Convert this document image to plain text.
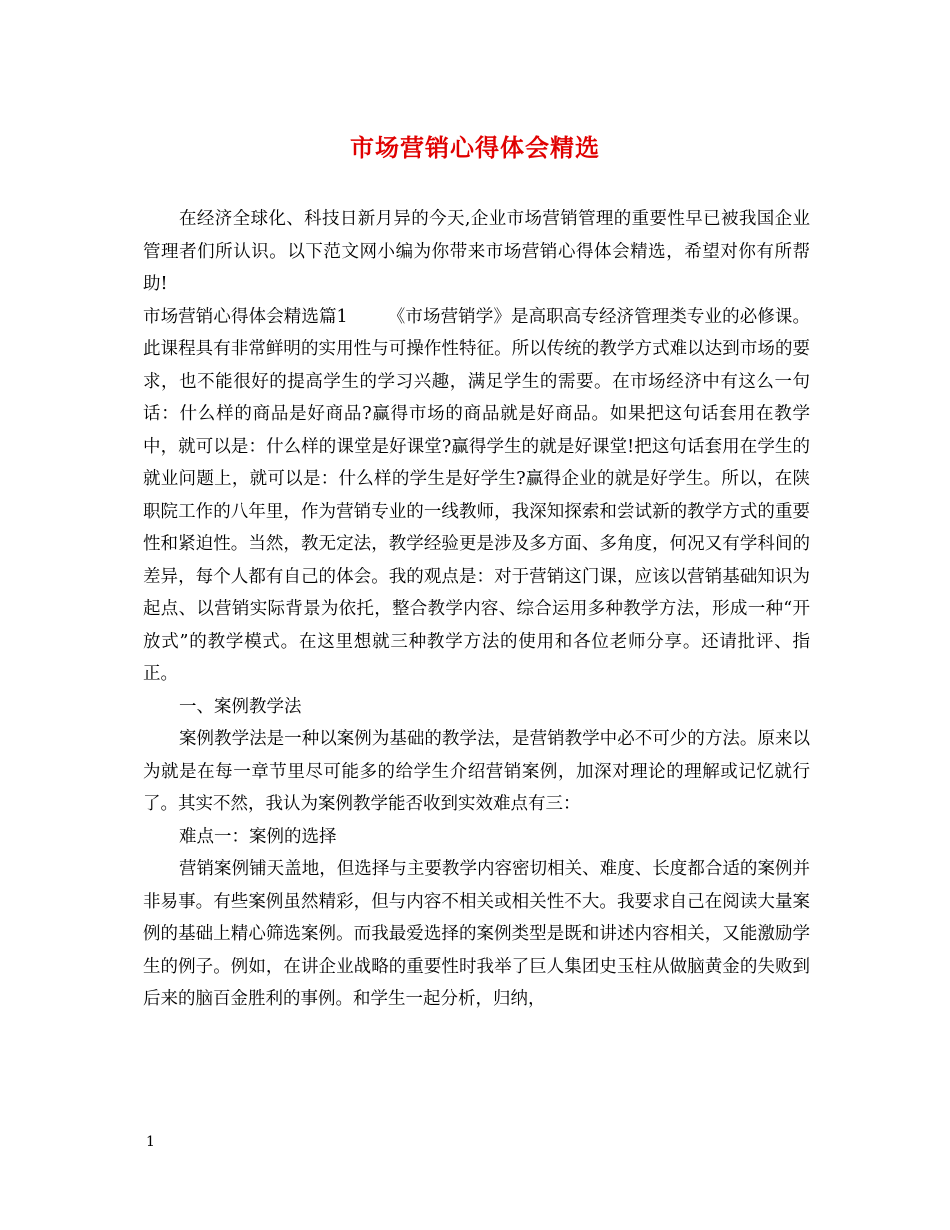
市场营销心得体会精选

在经济全球化、科技日新月异的今天,企业市场营销管理的重要性早已被我国企业管理者们所认识。以下范文网小编为你带来市场营销心得体会精选，希望对你有所帮助!

市场营销心得体会精选篇1 《市场营销学》是高职高专经济管理类专业的必修课。此课程具有非常鲜明的实用性与可操作性特征。所以传统的教学方式难以达到市场的要求，也不能很好的提高学生的学习兴趣，满足学生的需要。在市场经济中有这么一句话：什么样的商品是好商品?赢得市场的商品就是好商品。如果把这句话套用在教学中，就可以是：什么样的课堂是好课堂?赢得学生的就是好课堂!把这句话套用在学生的就业问题上，就可以是：什么样的学生是好学生?赢得企业的就是好学生。所以，在陕职院工作的八年里，作为营销专业的一线教师，我深知探索和尝试新的教学方式的重要性和紧迫性。当然，教无定法，教学经验更是涉及多方面、多角度，何况又有学科间的差异，每个人都有自己的体会。我的观点是：对于营销这门课，应该以营销基础知识为起点、以营销实际背景为依托，整合教学内容、综合运用多种教学方法，形成一种“开放式”的教学模式。在这里想就三种教学方法的使用和各位老师分享。还请批评、指正。

一、案例教学法

案例教学法是一种以案例为基础的教学法，是营销教学中必不可少的方法。原来以为就是在每一章节里尽可能多的给学生介绍营销案例，加深对理论的理解或记忆就行了。其实不然，我认为案例教学能否收到实效难点有三：

难点一：案例的选择

营销案例铺天盖地，但选择与主要教学内容密切相关、难度、长度都合适的案例并非易事。有些案例虽然精彩，但与内容不相关或相关性不大。我要求自己在阅读大量案例的基础上精心筛选案例。而我最爱选择的案例类型是既和讲述内容相关，又能激励学生的例子。例如，在讲企业战略的重要性时我举了巨人集团史玉柱从做脑黄金的失败到后来的脑百金胜利的事例。和学生一起分析，归纳，

1
